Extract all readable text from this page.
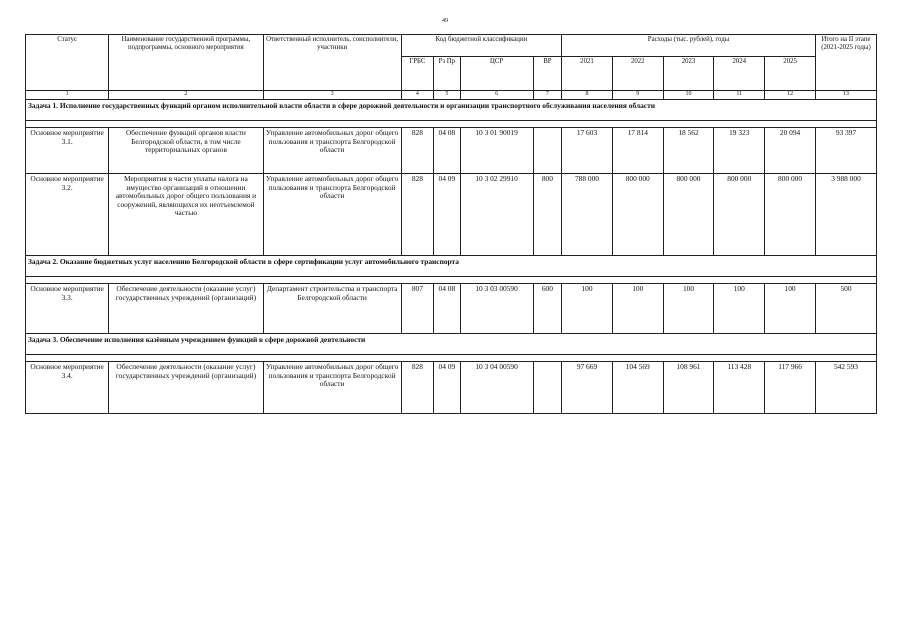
49
Статус	Наименование государственной программы, подпрограммы, основного мероприятия	Ответственный исполнитель, соисполнители, участники	Код бюджетной классификации				Расходы (тыс. рублей), годы					Итого на II этапе (2021-2025 годы)
			ГРБС	Рз Пр	ЦСР	ВР	2021	2022	2023	2024	2025	
1	2	3	4	5	6	7	8	9	10	11	12	13
Задача 1. Исполнение государственных функций органом исполнительной власти области в сфере дорожной деятельности и организации транспортного обслуживания населения области												

Основное мероприятие 3.1.	Обеспечение функций органов власти Белгородской области, в том числе территориальных органов	Управление автомобильных дорог общего пользования и транспорта Белгородской области	828	04 08	10 3 01 90019		17 603	17 814	18 562	19 323	20 094	93 397
Основное мероприятие 3.2.	Мероприятия в части уплаты налога на имущество организаций в отношении автомобильных дорог общего пользования и сооружений, являющихся их неотъемлемой частью	Управление автомобильных дорог общего пользования и транспорта Белгородской области	828	04 09	10 3 02 29910	800	788 000	800 000	800 000	800 000	800 000	3 988 000
Задача 2. Оказание бюджетных услуг населению Белгородской области в сфере сертификации услуг автомобильного транспорта												

Основное мероприятие 3.3.	Обеспечение деятельности (оказание услуг) государственных учреждений (организаций)	Департамент строительства и транспорта Белгородской области	807	04 08	10 3 03 00590	600	100	100	100	100	100	500
Задача 3. Обеспечение исполнения казённым учреждением функций в сфере дорожной деятельности												

Основное мероприятие 3.4.	Обеспечение деятельности (оказание услуг) государственных учреждений (организаций)	Управление автомобильных дорог общего пользования и транспорта Белгородской области	828	04 09	10 3 04 00590		97 669	104 569	108 961	113 428	117 966	542 593
